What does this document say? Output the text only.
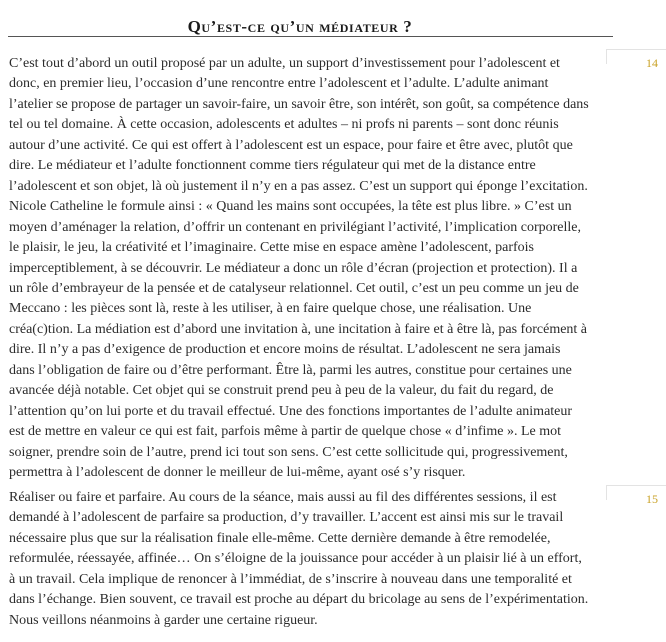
Qu’est-ce qu’un médiateur ?
14

C’est tout d’abord un outil proposé par un adulte, un support d’investissement pour l’adolescent et donc, en premier lieu, l’occasion d’une rencontre entre l’adolescent et l’adulte. L’adulte animant l’atelier se propose de partager un savoir-faire, un savoir être, son intérêt, son goût, sa compétence dans tel ou tel domaine. À cette occasion, adolescents et adultes – ni profs ni parents – sont donc réunis autour d’une activité. Ce qui est offert à l’adolescent est un espace, pour faire et être avec, plutôt que dire. Le médiateur et l’adulte fonctionnent comme tiers régulateur qui met de la distance entre l’adolescent et son objet, là où justement il n’y en a pas assez. C’est un support qui éponge l’excitation. Nicole Catheline le formule ainsi : « Quand les mains sont occupées, la tête est plus libre. » C’est un moyen d’aménager la relation, d’offrir un contenant en privilégiant l’activité, l’implication corporelle, le plaisir, le jeu, la créativité et l’imaginaire. Cette mise en espace amène l’adolescent, parfois imperceptiblement, à se découvrir. Le médiateur a donc un rôle d’écran (projection et protection). Il a un rôle d’embrayeur de la pensée et de catalyseur relationnel. Cet outil, c’est un peu comme un jeu de Meccano : les pièces sont là, reste à les utiliser, à en faire quelque chose, une réalisation. Une créa(c)tion. La médiation est d’abord une invitation à, une incitation à faire et à être là, pas forcément à dire. Il n’y a pas d’exigence de production et encore moins de résultat. L’adolescent ne sera jamais dans l’obligation de faire ou d’être performant. Être là, parmi les autres, constitue pour certaines une avancée déjà notable. Cet objet qui se construit prend peu à peu de la valeur, du fait du regard, de l’attention qu’on lui porte et du travail effectué. Une des fonctions importantes de l’adulte animateur est de mettre en valeur ce qui est fait, parfois même à partir de quelque chose « d’infime ». Le mot soigner, prendre soin de l’autre, prend ici tout son sens. C’est cette sollicitude qui, progressivement, permettra à l’adolescent de donner le meilleur de lui-même, ayant osé s’y risquer.

15

Réaliser ou faire et parfaire. Au cours de la séance, mais aussi au fil des différentes sessions, il est demandé à l’adolescent de parfaire sa production, d’y travailler. L’accent est ainsi mis sur le travail nécessaire plus que sur la réalisation finale elle-même. Cette dernière demande à être remodelée, reformulée, réessayée, affinée… On s’éloigne de la jouissance pour accéder à un plaisir lié à un effort, à un travail. Cela implique de renoncer à l’immédiat, de s’inscrire à nouveau dans une temporalité et dans l’échange. Bien souvent, ce travail est proche au départ du bricolage au sens de l’expérimentation. Nous veillons néanmoins à garder une certaine rigueur.
